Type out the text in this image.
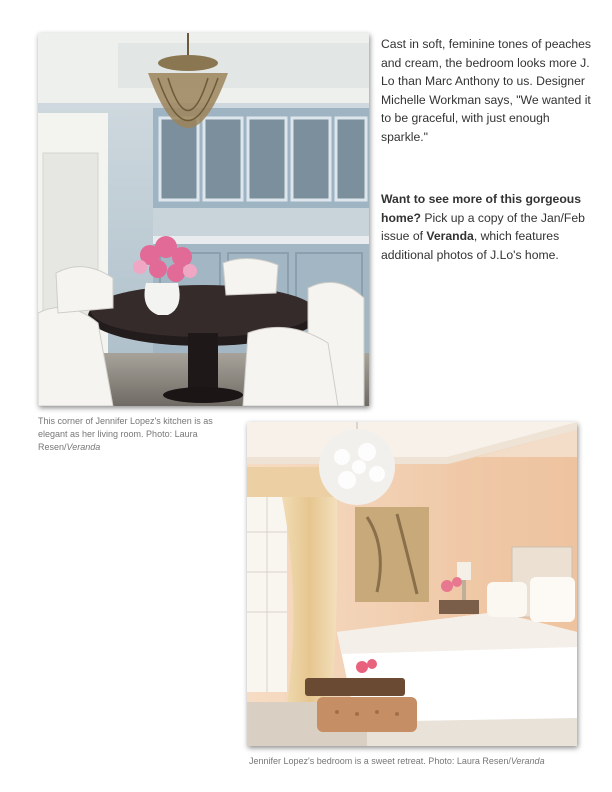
Cast in soft, feminine tones of peaches and cream, the bedroom looks more J. Lo than Marc Anthony to us. Designer Michelle Workman says, "We wanted it to be graceful, with just enough sparkle."

Want to see more of this gorgeous home? Pick up a copy of the Jan/Feb issue of Veranda, which features additional photos of J.Lo's home.

This corner of Jennifer Lopez's kitchen is as elegant as her living room. Photo: Laura Resen/Veranda

Jennifer Lopez's bedroom is a sweet retreat. Photo: Laura Resen/Veranda
